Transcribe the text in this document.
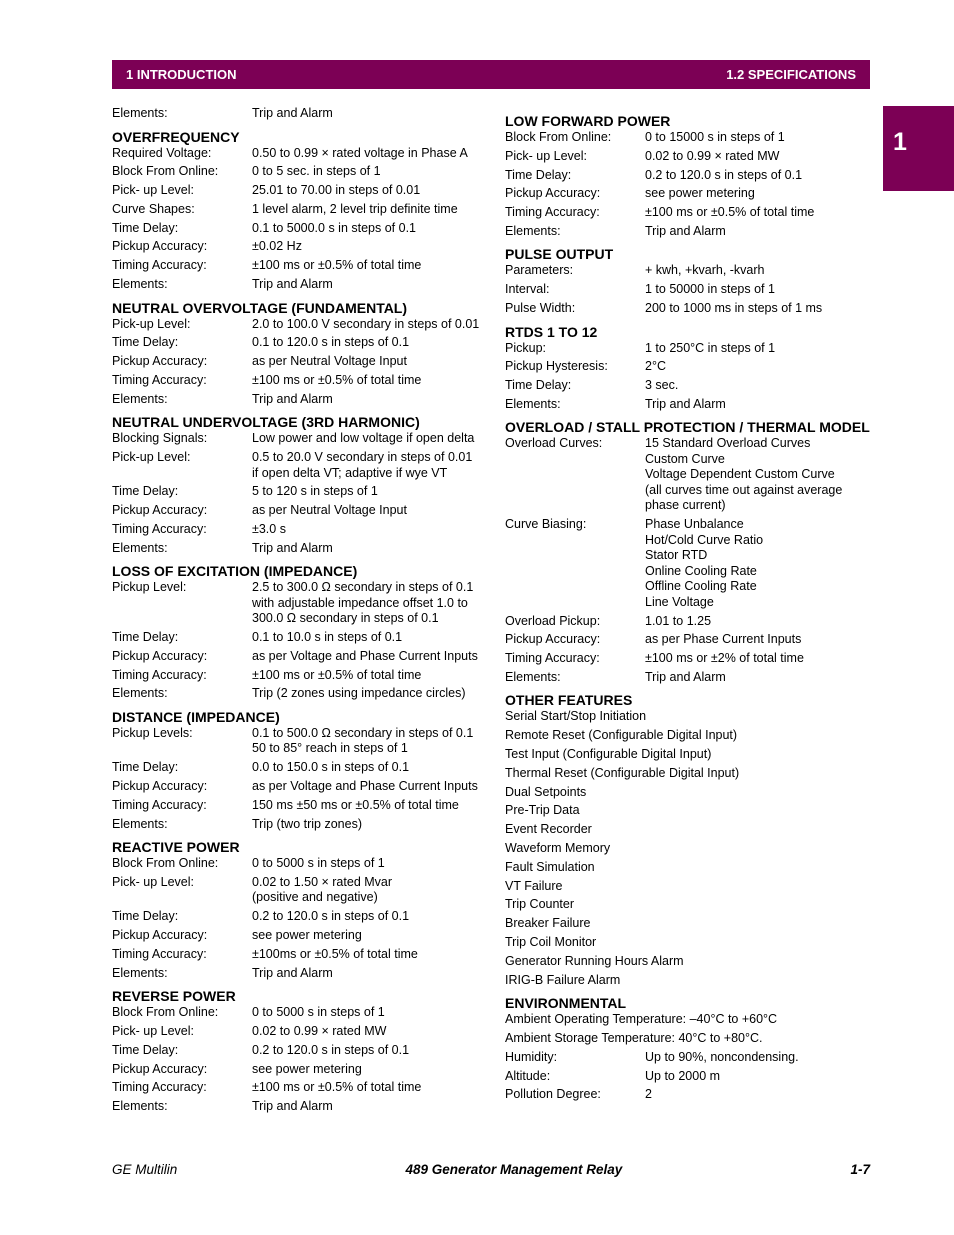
1 INTRODUCTION	1.2 SPECIFICATIONS
1
Elements:	Trip and Alarm
OVERFREQUENCY
Required Voltage:	0.50 to 0.99 × rated voltage in Phase A
Block From Online:	0 to 5 sec. in steps of 1
Pick- up Level:	25.01 to 70.00 in steps of 0.01
Curve Shapes:	1 level alarm, 2 level trip definite time
Time Delay:	0.1 to 5000.0 s in steps of 0.1
Pickup Accuracy:	±0.02 Hz
Timing Accuracy:	±100 ms or ±0.5% of total time
Elements:	Trip and Alarm
NEUTRAL OVERVOLTAGE (FUNDAMENTAL)
Pick-up Level:	2.0 to 100.0 V secondary in steps of 0.01
Time Delay:	0.1 to 120.0 s in steps of 0.1
Pickup Accuracy:	as per Neutral Voltage Input
Timing Accuracy:	±100 ms or ±0.5% of total time
Elements:	Trip and Alarm
NEUTRAL UNDERVOLTAGE (3RD HARMONIC)
Blocking Signals:	Low power and low voltage if open delta
Pick-up Level:	0.5 to 20.0 V secondary in steps of 0.01
if open delta VT; adaptive if wye VT
Time Delay:	5 to 120 s in steps of 1
Pickup Accuracy:	as per Neutral Voltage Input
Timing Accuracy:	±3.0 s
Elements:	Trip and Alarm
LOSS OF EXCITATION (IMPEDANCE)
Pickup Level:	2.5 to 300.0 Ω secondary in steps of 0.1
with adjustable impedance offset 1.0 to
300.0 Ω secondary in steps of 0.1
Time Delay:	0.1 to 10.0 s in steps of 0.1
Pickup Accuracy:	as per Voltage and Phase Current Inputs
Timing Accuracy:	±100 ms or ±0.5% of total time
Elements:	Trip (2 zones using impedance circles)
DISTANCE (IMPEDANCE)
Pickup Levels:	0.1 to 500.0 Ω secondary in steps of 0.1
50 to 85° reach in steps of 1
Time Delay:	0.0 to 150.0 s in steps of 0.1
Pickup Accuracy:	as per Voltage and Phase Current Inputs
Timing Accuracy:	150 ms ±50 ms or ±0.5% of total time
Elements:	Trip (two trip zones)
REACTIVE POWER
Block From Online:	0 to 5000 s in steps of 1
Pick- up Level:	0.02 to 1.50 × rated Mvar
(positive and negative)
Time Delay:	0.2 to 120.0 s in steps of 0.1
Pickup Accuracy:	see power metering
Timing Accuracy:	±100ms or ±0.5% of total time
Elements:	Trip and Alarm
REVERSE POWER
Block From Online:	0 to 5000 s in steps of 1
Pick- up Level:	0.02 to 0.99 × rated MW
Time Delay:	0.2 to 120.0 s in steps of 0.1
Pickup Accuracy:	see power metering
Timing Accuracy:	±100 ms or ±0.5% of total time
Elements:	Trip and Alarm
LOW FORWARD POWER
Block From Online:	0 to 15000 s in steps of 1
Pick- up Level:	0.02 to 0.99 × rated MW
Time Delay:	0.2 to 120.0 s in steps of 0.1
Pickup Accuracy:	see power metering
Timing Accuracy:	±100 ms or ±0.5% of total time
Elements:	Trip and Alarm
PULSE OUTPUT
Parameters:	+ kwh, +kvarh, -kvarh
Interval:	1 to 50000 in steps of 1
Pulse Width:	200 to 1000 ms in steps of 1 ms
RTDS 1 TO 12
Pickup:	1 to 250°C in steps of 1
Pickup Hysteresis:	2°C
Time Delay:	3 sec.
Elements:	Trip and Alarm
OVERLOAD / STALL PROTECTION / THERMAL MODEL
Overload Curves:	15 Standard Overload Curves
Custom Curve
Voltage Dependent Custom Curve
(all curves time out against average
phase current)
Curve Biasing:	Phase Unbalance
Hot/Cold Curve Ratio
Stator RTD
Online Cooling Rate
Offline Cooling Rate
Line Voltage
Overload Pickup:	1.01 to 1.25
Pickup Accuracy:	as per Phase Current Inputs
Timing Accuracy:	±100 ms or ±2% of total time
Elements:	Trip and Alarm
OTHER FEATURES
Serial Start/Stop Initiation
Remote Reset (Configurable Digital Input)
Test Input (Configurable Digital Input)
Thermal Reset (Configurable Digital Input)
Dual Setpoints
Pre-Trip Data
Event Recorder
Waveform Memory
Fault Simulation
VT Failure
Trip Counter
Breaker Failure
Trip Coil Monitor
Generator Running Hours Alarm
IRIG-B Failure Alarm
ENVIRONMENTAL
Ambient Operating Temperature: –40°C to +60°C
Ambient Storage Temperature: 40°C to +80°C.
Humidity:	Up to 90%, noncondensing.
Altitude:	Up to 2000 m
Pollution Degree:	2
GE Multilin	489 Generator Management Relay	1-7
